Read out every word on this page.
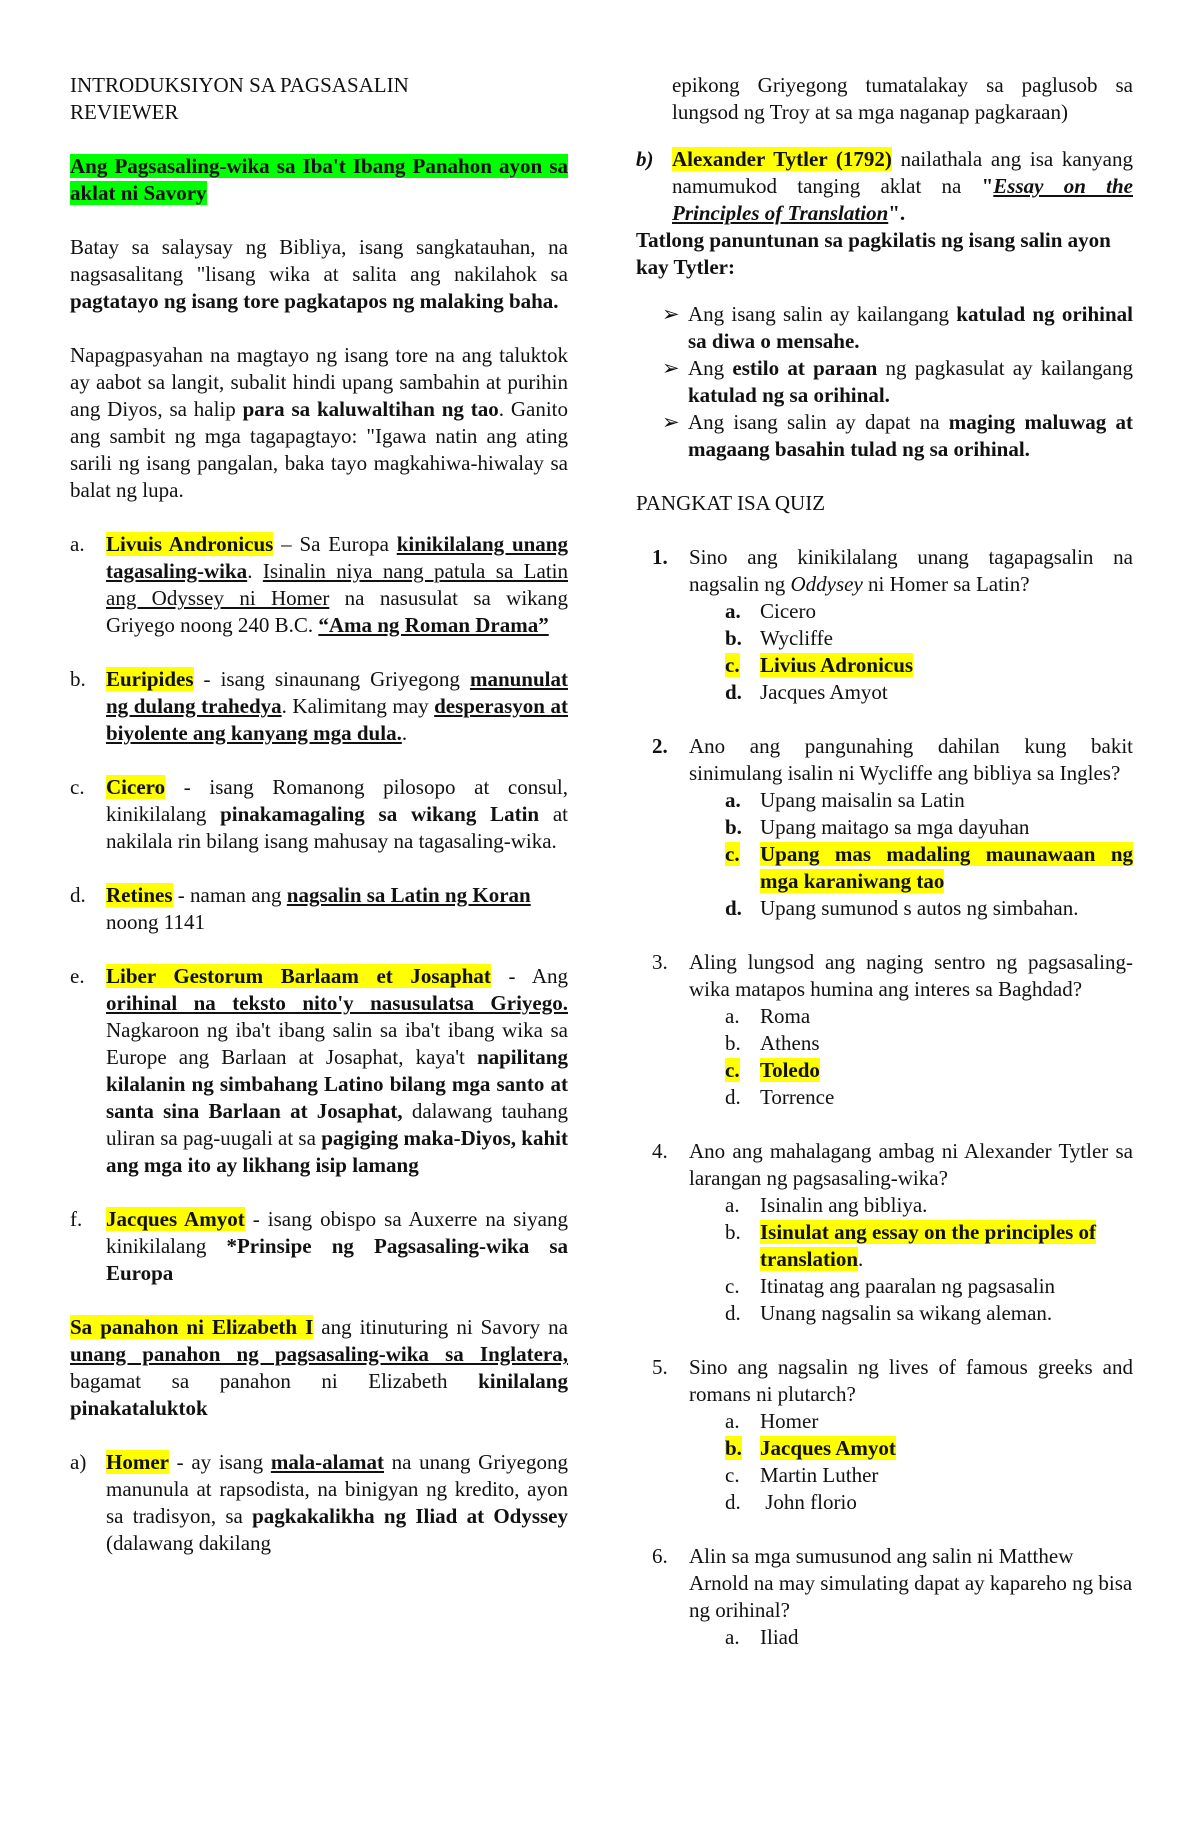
INTRODUKSIYON SA PAGSASALIN
REVIEWER

Ang Pagsasaling-wika sa Iba't Ibang Panahon ayon sa aklat ni Savory

Batay sa salaysay ng Bibliya, isang sangkatauhan, na nagsasalitang "lisang wika at salita ang nakilahok sa pagtatayo ng isang tore pagkatapos ng malaking baha.

Napagpasyahan na magtayo ng isang tore na ang taluktok ay aabot sa langit, subalit hindi upang sambahin at purihin ang Diyos, sa halip para sa kaluwaltihan ng tao. Ganito ang sambit ng mga tagapagtayo: "Igawa natin ang ating sarili ng isang pangalan, baka tayo magkahiwa-hiwalay sa balat ng lupa.

a.	Livuis Andronicus – Sa Europa kinikilalang unang tagasaling-wika. Isinalin niya nang patula sa Latin ang Odyssey ni Homer na nasusulat sa wikang Griyego noong 240 B.C. “Ama ng Roman Drama”

b. Euripides - isang sinaunang Griyegong manunulat ng dulang trahedya. Kalimitang may desperasyon at biyolente ang kanyang mga dula..

c.	Cicero - isang Romanong pilosopo at consul, kinikilalang pinakamagaling sa wikang Latin at nakilala rin bilang isang mahusay na tagasaling-wika.

d. Retines - naman ang nagsalin sa Latin ng Koran noong 1141

e.	Liber Gestorum Barlaam et Josaphat - Ang orihinal na teksto nito'y nasusulatsa Griyego. Nagkaroon ng iba't ibang salin sa iba't ibang wika sa Europe ang Barlaan at Josaphat, kaya't napilitang kilalanin ng simbahang Latino bilang mga santo at santa sina Barlaan at Josaphat, dalawang tauhang uliran sa pag-uugali at sa pagiging maka-Diyos, kahit ang mga ito ay likhang isip lamang

f.	Jacques Amyot - isang obispo sa Auxerre na siyang kinikilalang *Prinsipe ng Pagsasaling-wika sa Europa

Sa panahon ni Elizabeth I ang itinuturing ni Savory na unang panahon ng pagsasaling-wika sa Inglatera, bagamat sa panahon ni Elizabeth kinilalang pinakataluktok

a) Homer - ay isang mala-alamat na unang Griyegong manunula at rapsodista, na binigyan ng kredito, ayon sa tradisyon, sa pagkakalikha ng Iliad at Odyssey (dalawang dakilang

epikong Griyegong tumatalakay sa paglusob sa lungsod ng Troy at sa mga naganap pagkaraan)

b) Alexander Tytler (1792) nailathala ang isa kanyang namumukod tanging aklat na "Essay on the Principles of Translation".

Tatlong panuntunan sa pagkilatis ng isang salin ayon kay Tytler:

➢ Ang isang salin ay kailangang katulad ng orihinal sa diwa o mensahe.

➢ Ang estilo at paraan ng pagkasulat ay kailangang katulad ng sa orihinal.

➢ Ang isang salin ay dapat na maging maluwag at magaang basahin tulad ng sa orihinal.

PANGKAT ISA QUIZ

1.	Sino ang kinikilalang unang tagapagsalin na nagsalin ng Oddysey ni Homer sa Latin?

a. Cicero
b. Wycliffe
c. Livius Adronicus
d. Jacques Amyot
2.	Ano ang pangunahing dahilan kung bakit sinimulang isalin ni Wycliffe ang bibliya sa Ingles?

a. Upang maisalin sa Latin
b. Upang maitago sa mga dayuhan
c. Upang mas madaling maunawaan ng mga karaniwang tao
d. Upang sumunod s autos ng simbahan.
3.	Aling lungsod ang naging sentro ng pagsasaling- wika matapos humina ang interes sa Baghdad?

a. Roma
b. Athens
c. Toledo
d. Torrence
4.	Ano ang mahalagang ambag ni Alexander Tytler sa larangan ng pagsasaling-wika?

a. Isinalin ang bibliya.
b. Isinulat ang essay on the principles of translation.
c. Itinatag ang paaralan ng pagsasalin
d. Unang nagsalin sa wikang aleman.
5.	Sino ang nagsalin ng lives of famous greeks and romans ni plutarch?

a. Homer
b. Jacques Amyot
c. Martin Luther
d. John florio
6.	Alin sa mga sumusunod ang salin ni Matthew Arnold na may simulating dapat ay kapareho ng bisa ng orihinal?

a. Iliad
